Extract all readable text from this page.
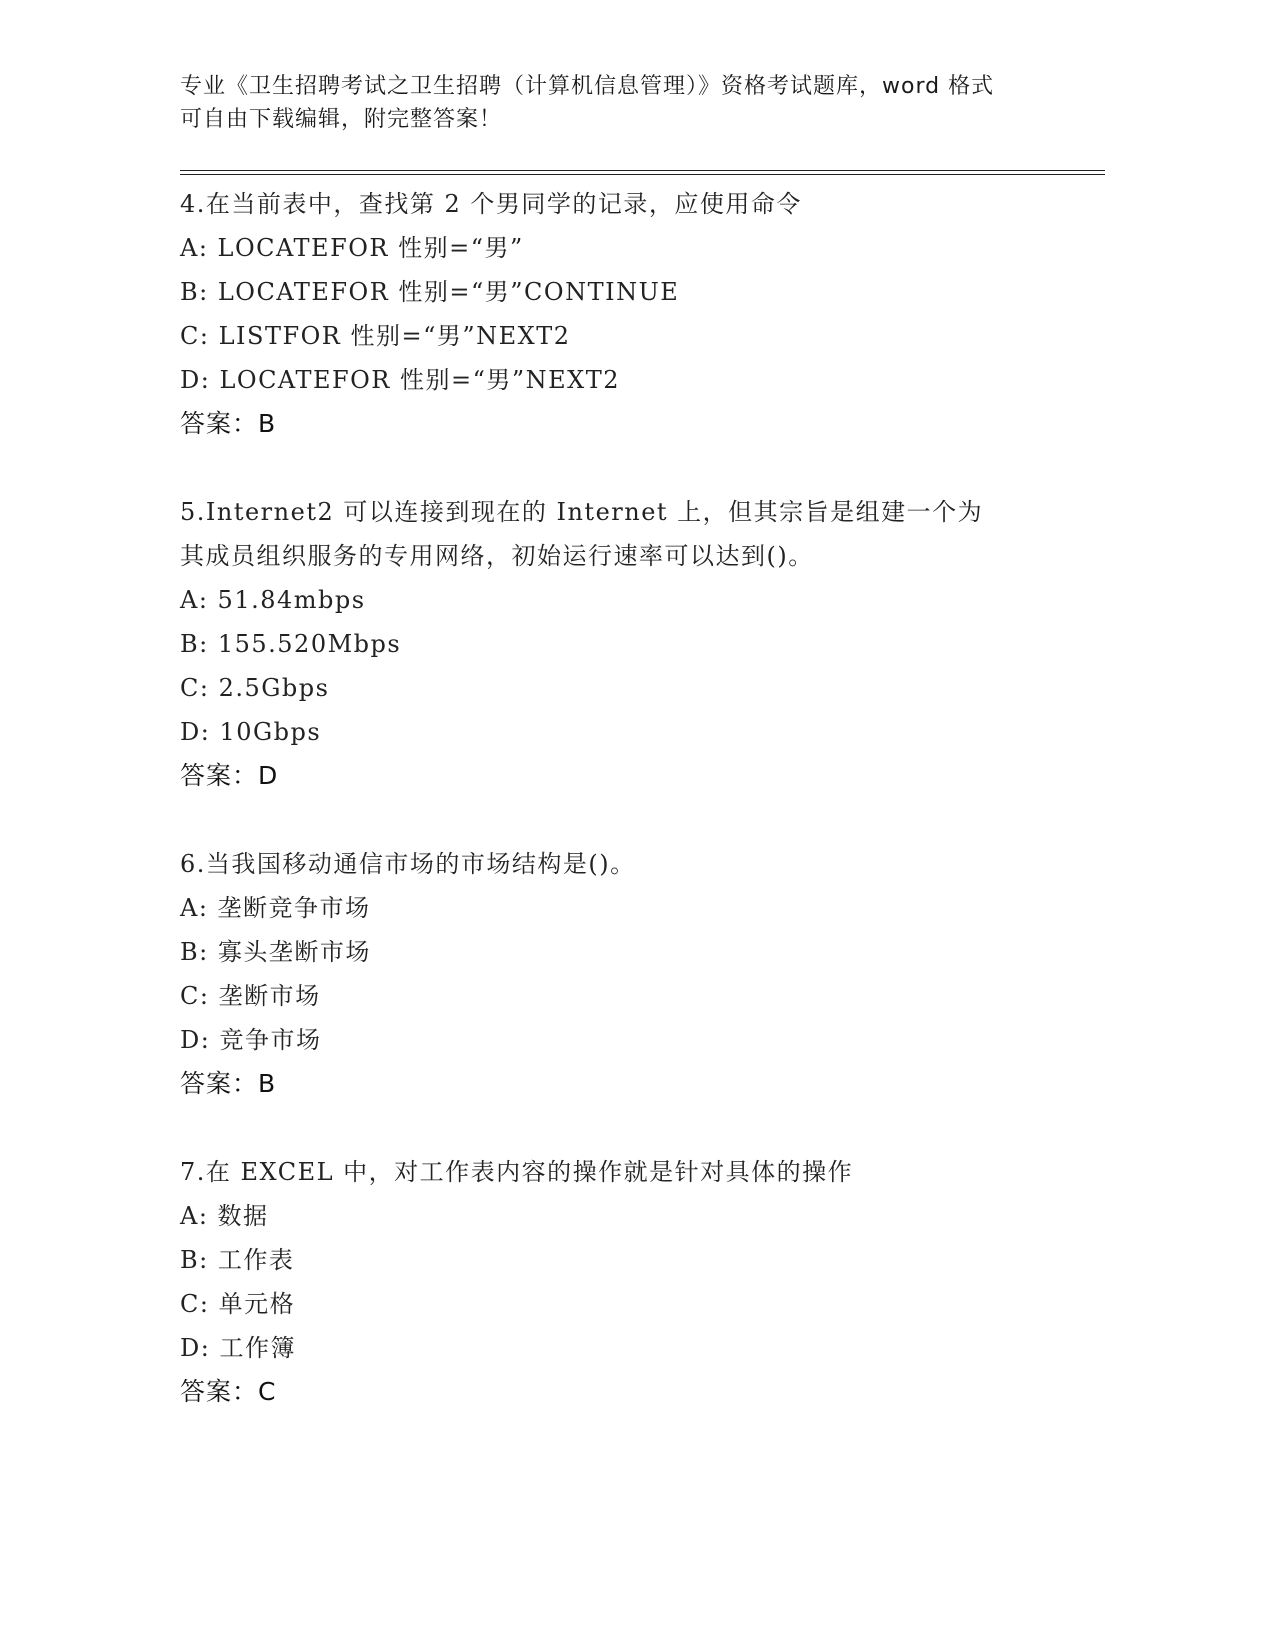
专业《卫生招聘考试之卫生招聘（计算机信息管理）》资格考试题库，word 格式

可自由下载编辑，附完整答案！

4.在当前表中，查找第 2 个男同学的记录，应使用命令

A: LOCATEFOR 性别=“男”

B: LOCATEFOR 性别=“男”CONTINUE

C: LISTFOR 性别=“男”NEXT2

D: LOCATEFOR 性别=“男”NEXT2

答案：B

5.Internet2 可以连接到现在的 Internet 上，但其宗旨是组建一个为

其成员组织服务的专用网络，初始运行速率可以达到()。

A: 51.84mbps

B: 155.520Mbps

C: 2.5Gbps

D: 10Gbps

答案：D

6.当我国移动通信市场的市场结构是()。

A: 垄断竞争市场

B: 寡头垄断市场

C: 垄断市场

D: 竞争市场

答案：B

7.在 EXCEL 中，对工作表内容的操作就是针对具体的操作

A: 数据

B: 工作表

C: 单元格

D: 工作簿

答案：C
